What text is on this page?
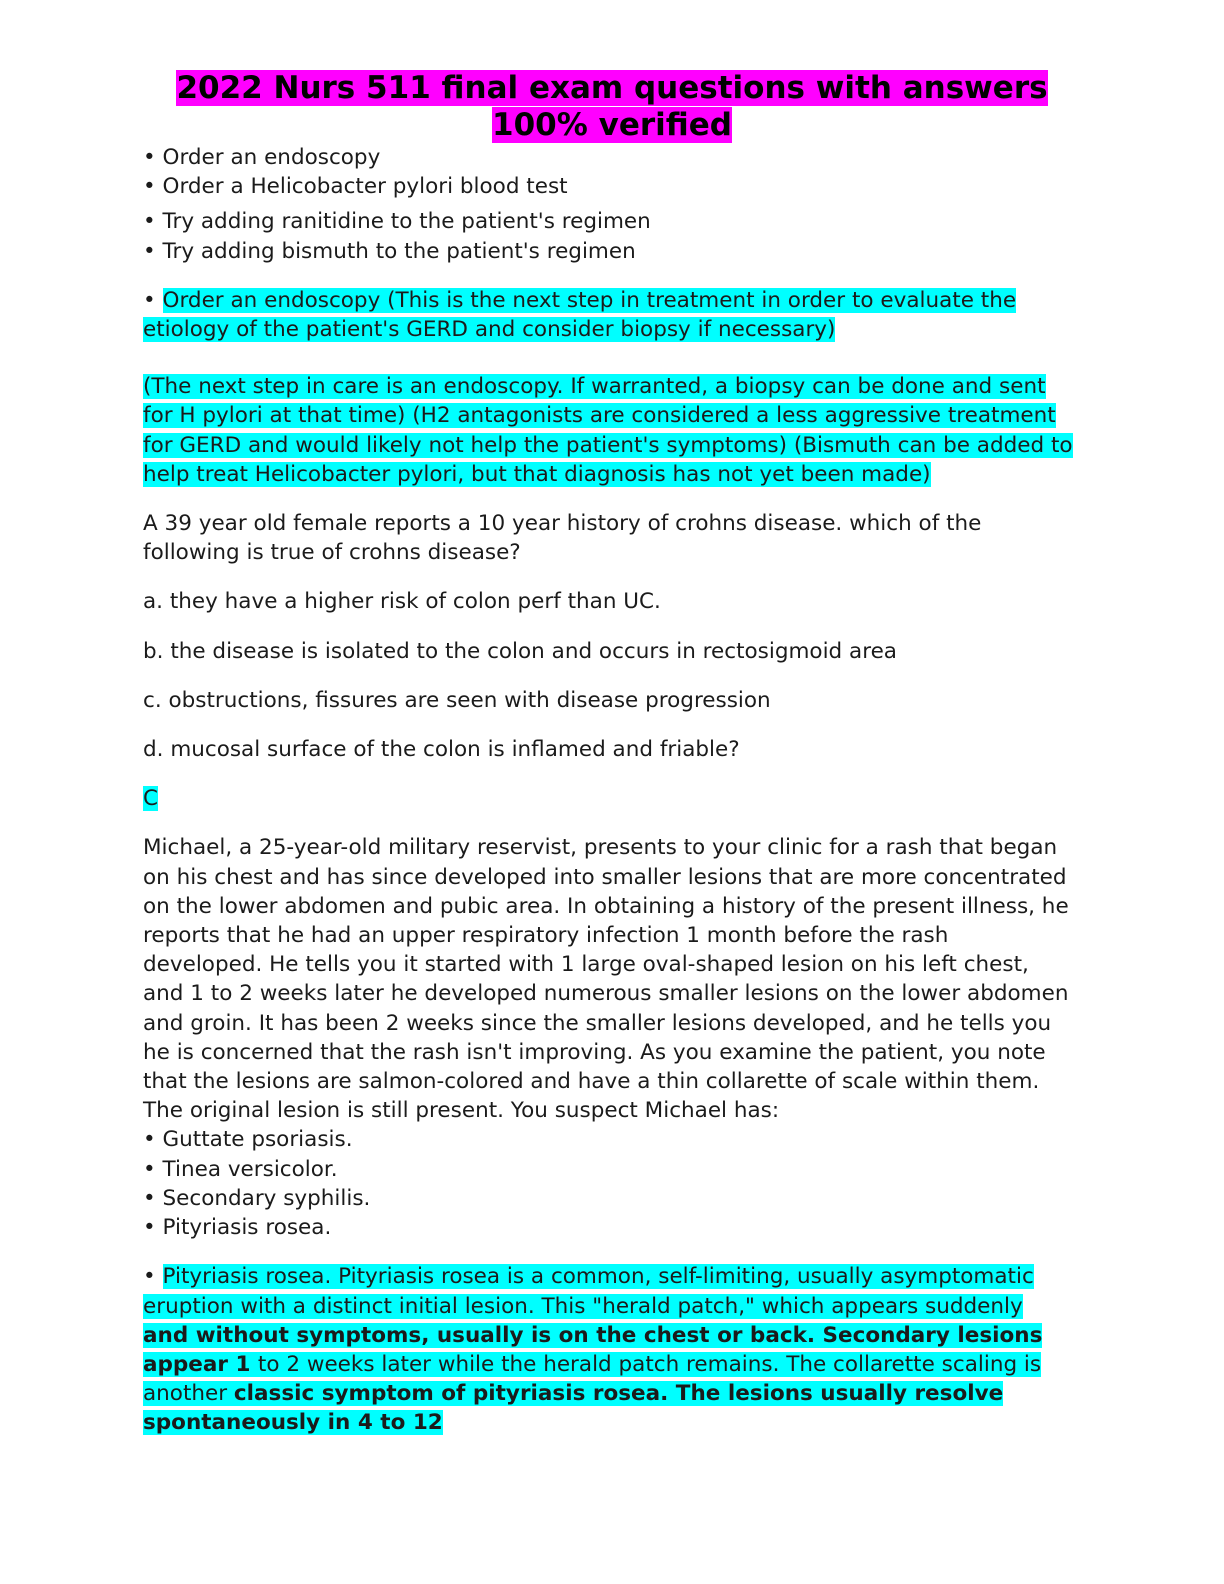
2022 Nurs 511 final exam questions with answers
100% verified

• Order an endoscopy

• Order a Helicobacter pylori blood test

• Try adding ranitidine to the patient's regimen

• Try adding bismuth to the patient's regimen

• Order an endoscopy (This is the next step in treatment in order to evaluate the etiology of the patient's GERD and consider biopsy if necessary)

(The next step in care is an endoscopy. If warranted, a biopsy can be done and sent for H pylori at that time) (H2 antagonists are considered a less aggressive treatment for GERD and would likely not help the patient's symptoms) (Bismuth can be added to help treat Helicobacter pylori, but that diagnosis has not yet been made)

A 39 year old female reports a 10 year history of crohns disease. which of the following is true of crohns disease?

a. they have a higher risk of colon perf than UC.

b. the disease is isolated to the colon and occurs in rectosigmoid area

c. obstructions, fissures are seen with disease progression

d. mucosal surface of the colon is inflamed and friable?

C

Michael, a 25-year-old military reservist, presents to your clinic for a rash that began on his chest and has since developed into smaller lesions that are more concentrated on the lower abdomen and pubic area. In obtaining a history of the present illness, he reports that he had an upper respiratory infection 1 month before the rash developed. He tells you it started with 1 large oval-shaped lesion on his left chest, and 1 to 2 weeks later he developed numerous smaller lesions on the lower abdomen and groin. It has been 2 weeks since the smaller lesions developed, and he tells you he is concerned that the rash isn't improving. As you examine the patient, you note that the lesions are salmon-colored and have a thin collarette of scale within them. The original lesion is still present. You suspect Michael has:

• Guttate psoriasis.

• Tinea versicolor.

• Secondary syphilis.

• Pityriasis rosea.

• Pityriasis rosea. Pityriasis rosea is a common, self-limiting, usually asymptomatic eruption with a distinct initial lesion. This "herald patch," which appears suddenly and without symptoms, usually is on the chest or back. Secondary lesions appear 1 to 2 weeks later while the herald patch remains. The collarette scaling is another classic symptom of pityriasis rosea. The lesions usually resolve spontaneously in 4 to 12
